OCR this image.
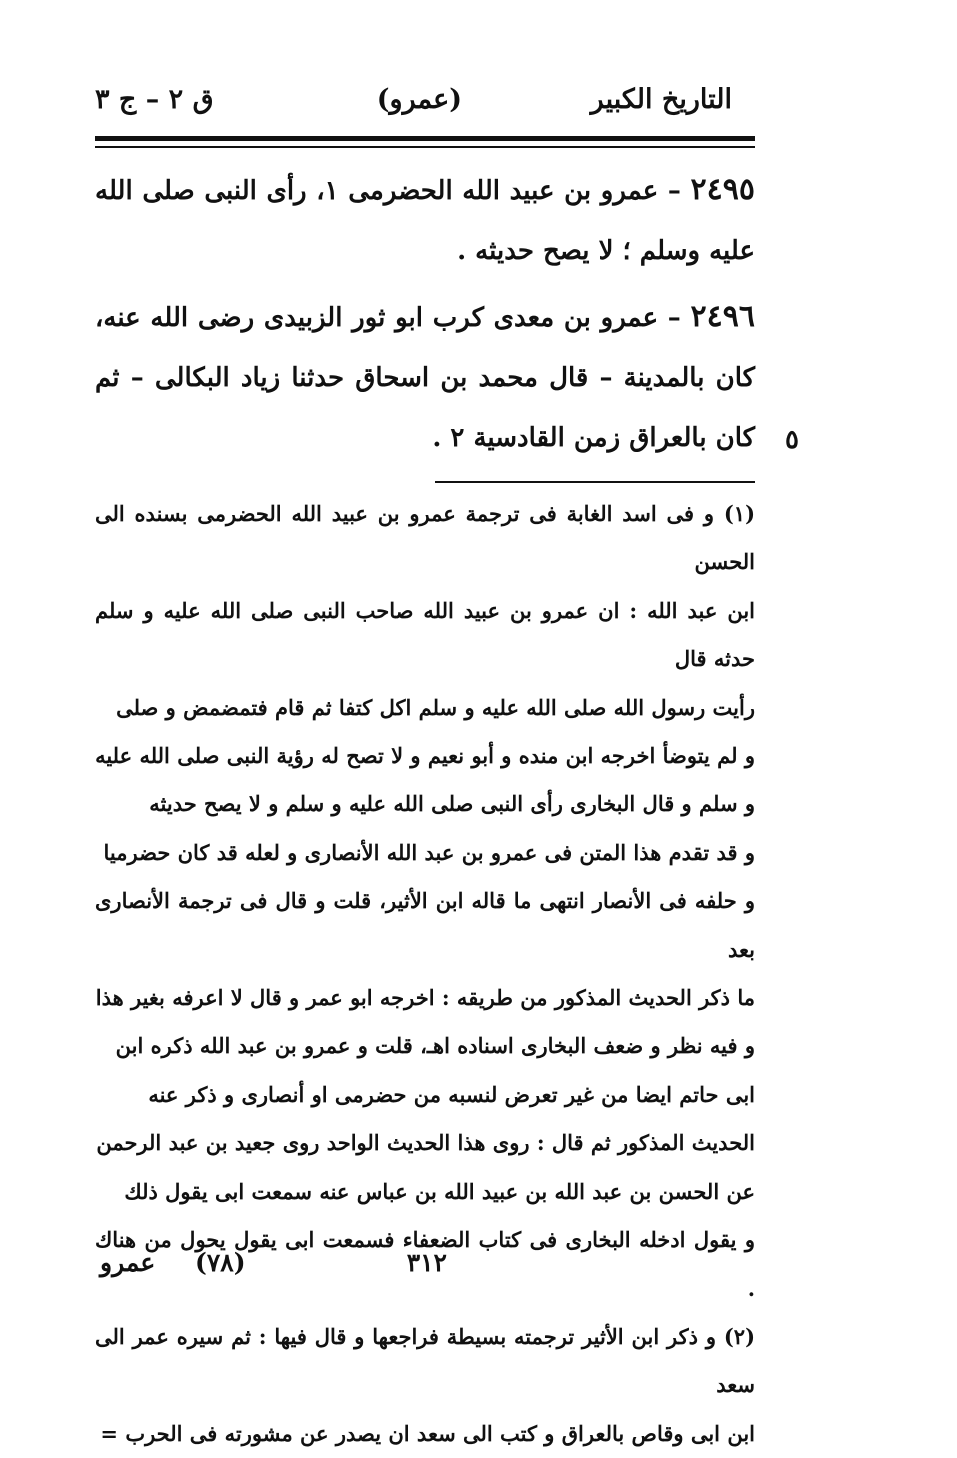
التاريخ الكبير
(عمرو)
ق ٢ – ج ٣

٢٤٩٥ – عمرو بن عبيد الله الحضرمى ١، رأى النبى صلى الله عليه وسلم ؛ لا يصح حديثه .

٢٤٩٦ – عمرو بن معدى كرب ابو ثور الزبيدى رضى الله عنه، كان بالمدينة – قال محمد بن اسحاق حدثنا زياد البكالى – ثم كان بالعراق زمن القادسية ٢ . ٥

(١) و فى اسد الغابة فى ترجمة عمرو بن عبيد الله الحضرمى بسنده الى الحسن

ابن عبد الله : ان عمرو بن عبيد الله صاحب النبى صلى الله عليه و سلم حدثه قال

رأيت رسول الله صلى الله عليه و سلم اكل كتفا ثم قام فتمضمض و صلى

و لم يتوضأ اخرجه ابن منده و أبو نعيم و لا تصح له رؤية النبى صلى الله عليه

و سلم و قال البخارى رأى النبى صلى الله عليه و سلم و لا يصح حديثه

و قد تقدم هذا المتن فى عمرو بن عبد الله الأنصارى و لعله قد كان حضرميا

و حلفه فى الأنصار انتهى ما قاله ابن الأثير، قلت و قال فى ترجمة الأنصارى بعد

ما ذكر الحديث المذكور من طريقه : اخرجه ابو عمر و قال لا اعرفه بغير هذا

و فيه نظر و ضعف البخارى اسناده اهـ، قلت و عمرو بن عبد الله ذكره ابن

ابى حاتم ايضا من غير تعرض لنسبه من حضرمى او أنصارى و ذكر عنه

الحديث المذكور ثم قال : روى هذا الحديث الواحد روى جعيد بن عبد الرحمن

عن الحسن بن عبد الله بن عبيد الله بن عباس عنه سمعت ابى يقول ذلك

و يقول ادخله البخارى فى كتاب الضعفاء فسمعت ابى يقول يحول من هناك .

(٢) و ذكر ابن الأثير ترجمته بسيطة فراجعها و قال فيها : ثم سيره عمر الى سعد

ابن ابى وقاص بالعراق و كتب الى سعد ان يصدر عن مشورته فى الحرب =

٣١٢
(٧٨)
عمرو
